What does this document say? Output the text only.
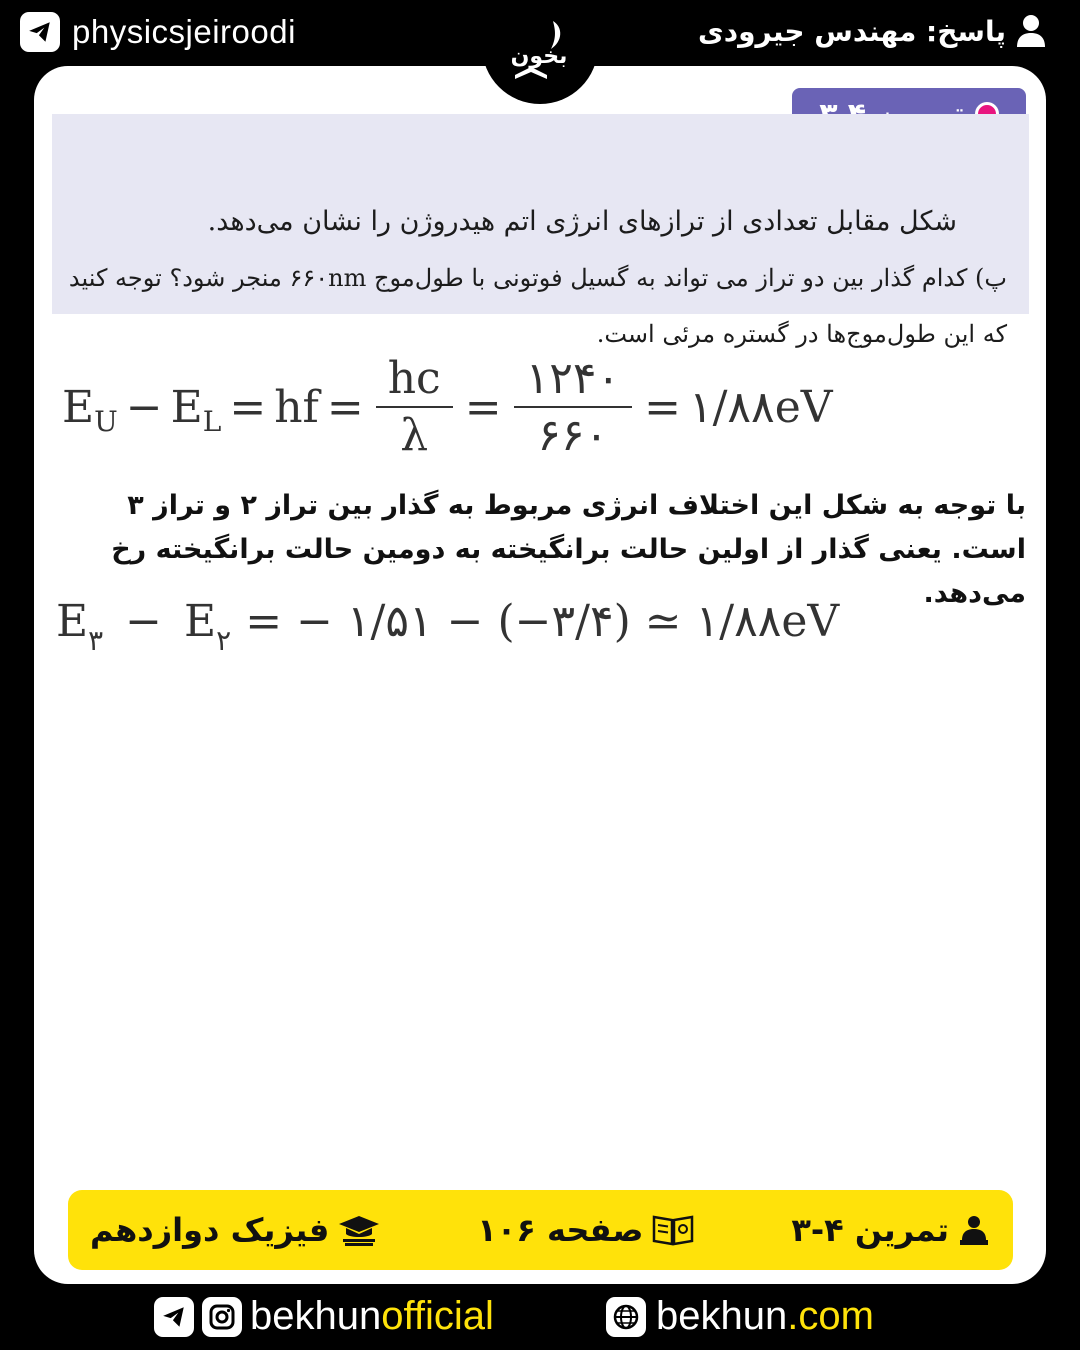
physicsjeiroodi	پاسخ: مهندس جیرودی
بخون
شکل مقابل تعدادی از ترازهای انرژی اتم هیدروژن را نشان می‌دهد.
پ) کدام گذار بین دو تراز می تواند به گسیل فوتونی با طول‌موج ۶۶۰nm منجر شود؟ توجه کنید
که این طول‌موج‌ها در گستره مرئی است.
E U − E L = hf = $\frac{hc}{\lambda} = \frac{۱۲۴۰}{۶۶۰}$ = ۱/۸۸ eV
با توجه به شکل این اختلاف انرژی مربوط به گذار بین تراز ۲ و تراز ۳ است. یعنی گذار از اولین حالت برانگیخته به دومین حالت برانگیخته رخ می‌دهد.
$E_۳ - E_۲$ = − ۱/۵۱ − (−۳/۴) ≃ ۱/۸۸eV
تمرین ۴-۳
صفحه ۱۰۶
فیزیک دوازدهم
bekhunofficial	bekhun.com
